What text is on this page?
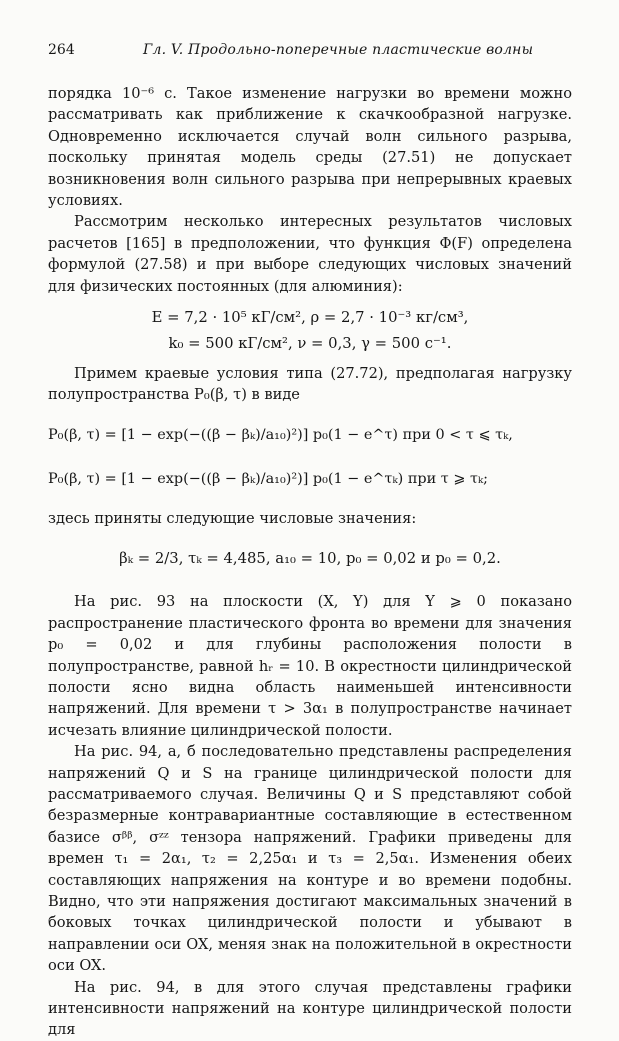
264	Гл. V. Продольно-поперечные пластические волны

порядка 10⁻⁶ с. Такое изменение нагрузки во времени можно рассматривать как приближение к скачкообразной нагрузке. Одновременно исключается случай волн сильного разрыва, поскольку принятая модель среды (27.51) не допускает возникновения волн сильного разрыва при непрерывных краевых условиях.

Рассмотрим несколько интересных результатов числовых расчетов [165] в предположении, что функция Φ(F) определена формулой (27.58) и при выборе следующих числовых значений для физических постоянных (для алюминия):

E = 7,2 · 10⁵ кГ/см², ρ = 2,7 · 10⁻³ кг/см³,
k₀ = 500 кГ/см², ν = 0,3, γ = 500 с⁻¹.

Примем краевые условия типа (27.72), предполагая нагрузку полупространства P₀(β, τ) в виде

P₀(β, τ) = [1 − exp(−((β − βₖ)/a₁₀)²)] p₀(1 − e^τ) при 0 < τ ⩽ τₖ,
P₀(β, τ) = [1 − exp(−((β − βₖ)/a₁₀)²)] p₀(1 − e^τₖ) при τ ⩾ τₖ;

здесь приняты следующие числовые значения:

βₖ = 2/3, τₖ = 4,485, a₁₀ = 10, p₀ = 0,02 и p₀ = 0,2.

На рис. 93 на плоскости (X, Y) для Y ⩾ 0 показано распространение пластического фронта во времени для значения p₀ = 0,02 и для глубины расположения полости в полупространстве, равной hᵣ = 10. В окрестности цилиндрической полости ясно видна область наименьшей интенсивности напряжений. Для времени τ > 3α₁ в полупространстве начинает исчезать влияние цилиндрической полости.

На рис. 94, а, б последовательно представлены распределения напряжений Q и S на границе цилиндрической полости для рассматриваемого случая. Величины Q и S представляют собой безразмерные контравариантные составляющие в естественном базисе σᵝᵝ, σᶻᶻ тензора напряжений. Графики приведены для времен τ₁ = 2α₁, τ₂ = 2,25α₁ и τ₃ = 2,5α₁. Изменения обеих составляющих напряжения на контуре и во времени подобны. Видно, что эти напряжения достигают максимальных значений в боковых точках цилиндрической полости и убывают в направлении оси OX, меняя знак на положительной в окрестности оси OX.

На рис. 94, в для этого случая представлены графики интенсивности напряжений на контуре цилиндрической полости для
